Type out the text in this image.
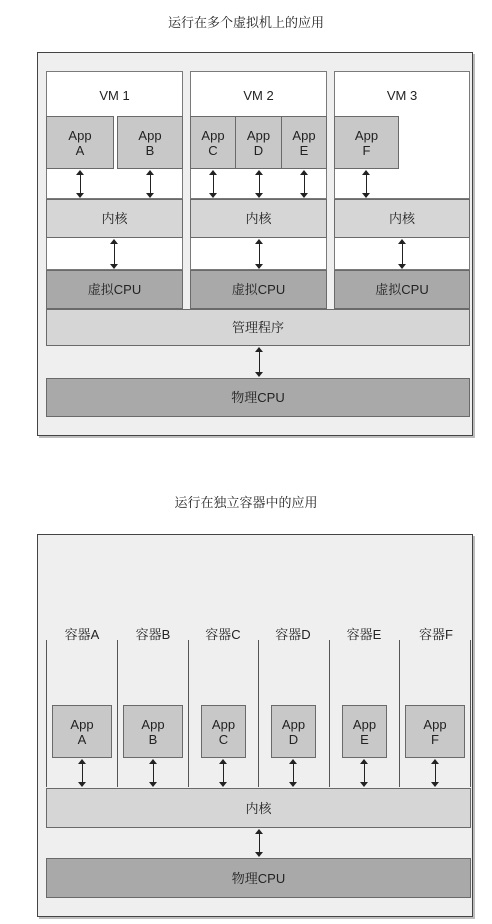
运行在多个虚拟机上的应用
VM 1
App
A
App
B
内核
虚拟CPU
VM 2
App
C
App
D
App
E
内核
虚拟CPU
VM 3
App
F
内核
虚拟CPU
管理程序
物理CPU
运行在独立容器中的应用
容器A	容器B	容器C	容器D	容器E	容器F
App
A
App
B
App
C
App
D
App
E
App
F
内核
物理CPU
